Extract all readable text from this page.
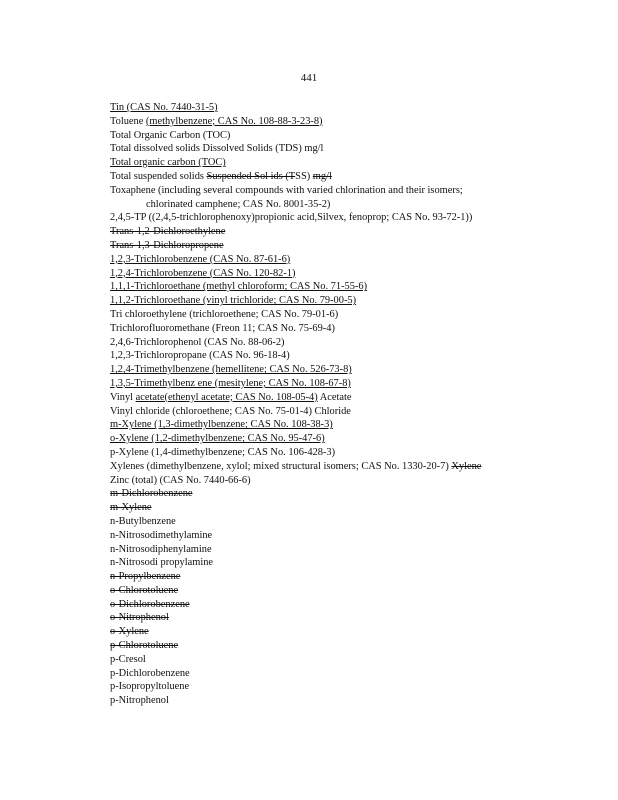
441
Tin (CAS No. 7440-31-5)
Toluene (methylbenzene; CAS No. 108-88-3-23-8)
Total Organic Carbon (TOC)
Total dissolved solids Dissolved Solids (TDS) mg/l
Total organic carbon (TOC)
Total suspended solids Suspended Sol ids (TSS) mg/l
Toxaphene (including several compounds with varied chlorination and their isomers;
chlorinated camphene; CAS No. 8001-35-2)
2,4,5-TP ((2,4,5-trichlorophenoxy)propionic acid,Silvex, fenoprop; CAS No. 93-72-1))
Trans-1,2-Dichloroethylene
Trans-1,3-Dichloropropene
1,2,3-Trichlorobenzene (CAS No. 87-61-6)
1,2,4-Trichlorobenzene (CAS No. 120-82-1)
1,1,1-Trichloroethane (methyl chloroform; CAS No. 71-55-6)
1,1,2-Trichloroethane (vinyl trichloride; CAS No. 79-00-5)
Tri chloroethylene (trichloroethene; CAS No. 79-01-6)
Trichlorofluoromethane (Freon 11; CAS No. 75-69-4)
2,4,6-Trichlorophenol (CAS No. 88-06-2)
1,2,3-Trichloropropane (CAS No. 96-18-4)
1,2,4-Trimethylbenzene (hemellitene; CAS No. 526-73-8)
1,3,5-Trimethylbenz ene (mesitylene; CAS No. 108-67-8)
Vinyl acetate(ethenyl acetate; CAS No. 108-05-4) Acetate
Vinyl chloride (chloroethene; CAS No. 75-01-4) Chloride
m-Xylene (1,3-dimethylbenzene; CAS No. 108-38-3)
o-Xylene (1,2-dimethylbenzene; CAS No. 95-47-6)
p-Xylene (1,4-dimethylbenzene; CAS No. 106-428-3)
Xylenes (dimethylbenzene, xylol; mixed structural isomers; CAS No. 1330-20-7) Xylene
Zinc (total) (CAS No. 7440-66-6)
m-Dichlorobenzene
m-Xylene
n-Butylbenzene
n-Nitrosodimethylamine
n-Nitrosodiphenylamine
n-Nitrosodi propylamine
n-Propylbenzene
o-Chlorotoluene
o-Dichlorobenzene
o-Nitrophenol
o-Xylene
p-Chlorotoluene
p-Cresol
p-Dichlorobenzene
p-Isopropyltoluene
p-Nitrophenol
